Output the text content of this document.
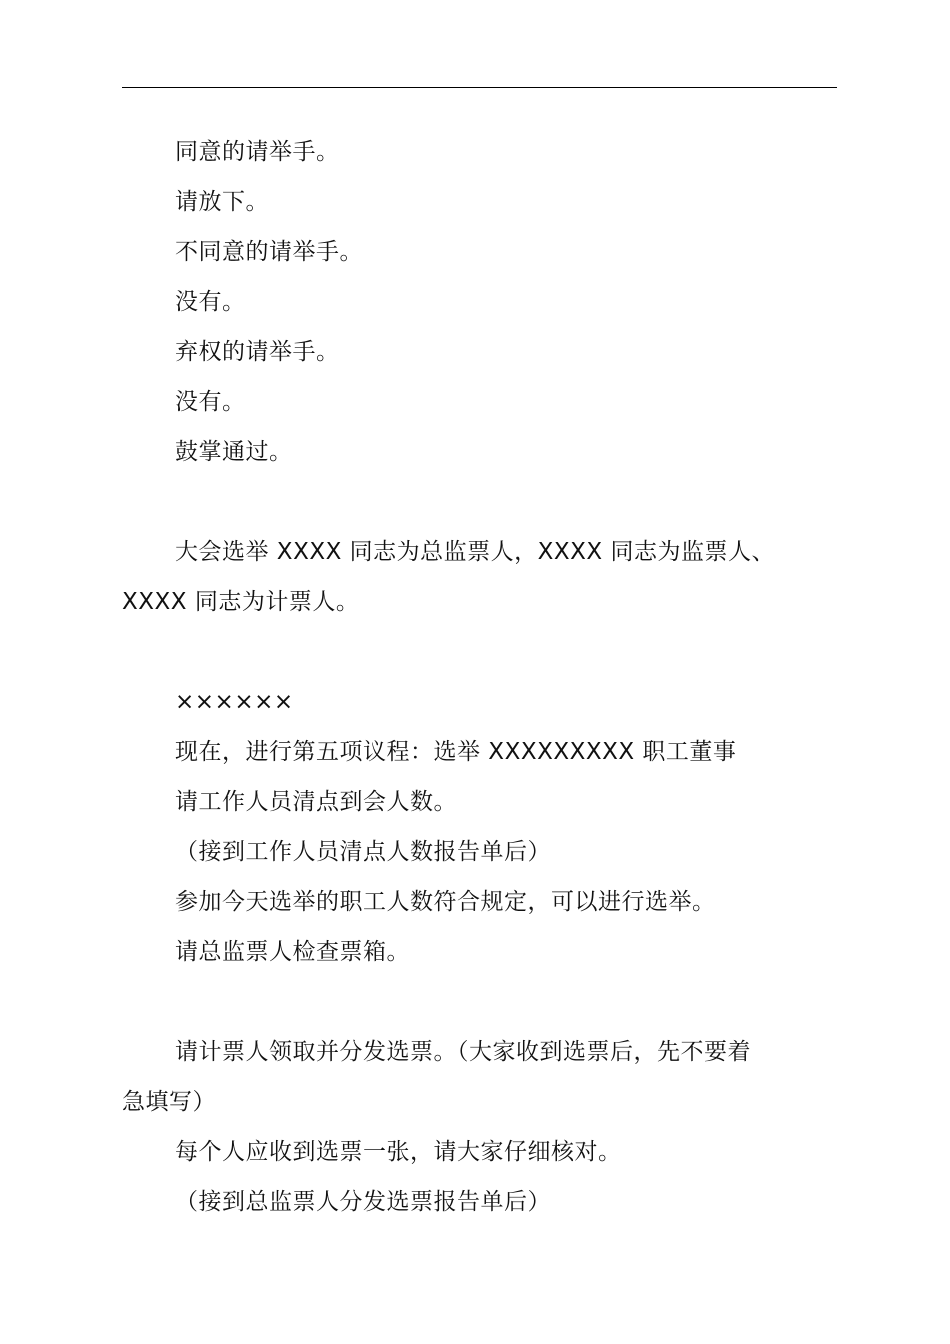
同意的请举手。
请放下。
不同意的请举手。
没有。
弃权的请举手。
没有。
鼓掌通过。
大会选举 XXXX 同志为总监票人，XXXX 同志为监票人、
XXXX 同志为计票人。
××××××
现在，进行第五项议程：选举 XXXXXXXXX 职工董事
请工作人员清点到会人数。
（接到工作人员清点人数报告单后）
参加今天选举的职工人数符合规定，可以进行选举。
请总监票人检查票箱。
请计票人领取并分发选票。（大家收到选票后，先不要着
急填写）
每个人应收到选票一张，请大家仔细核对。
（接到总监票人分发选票报告单后）
